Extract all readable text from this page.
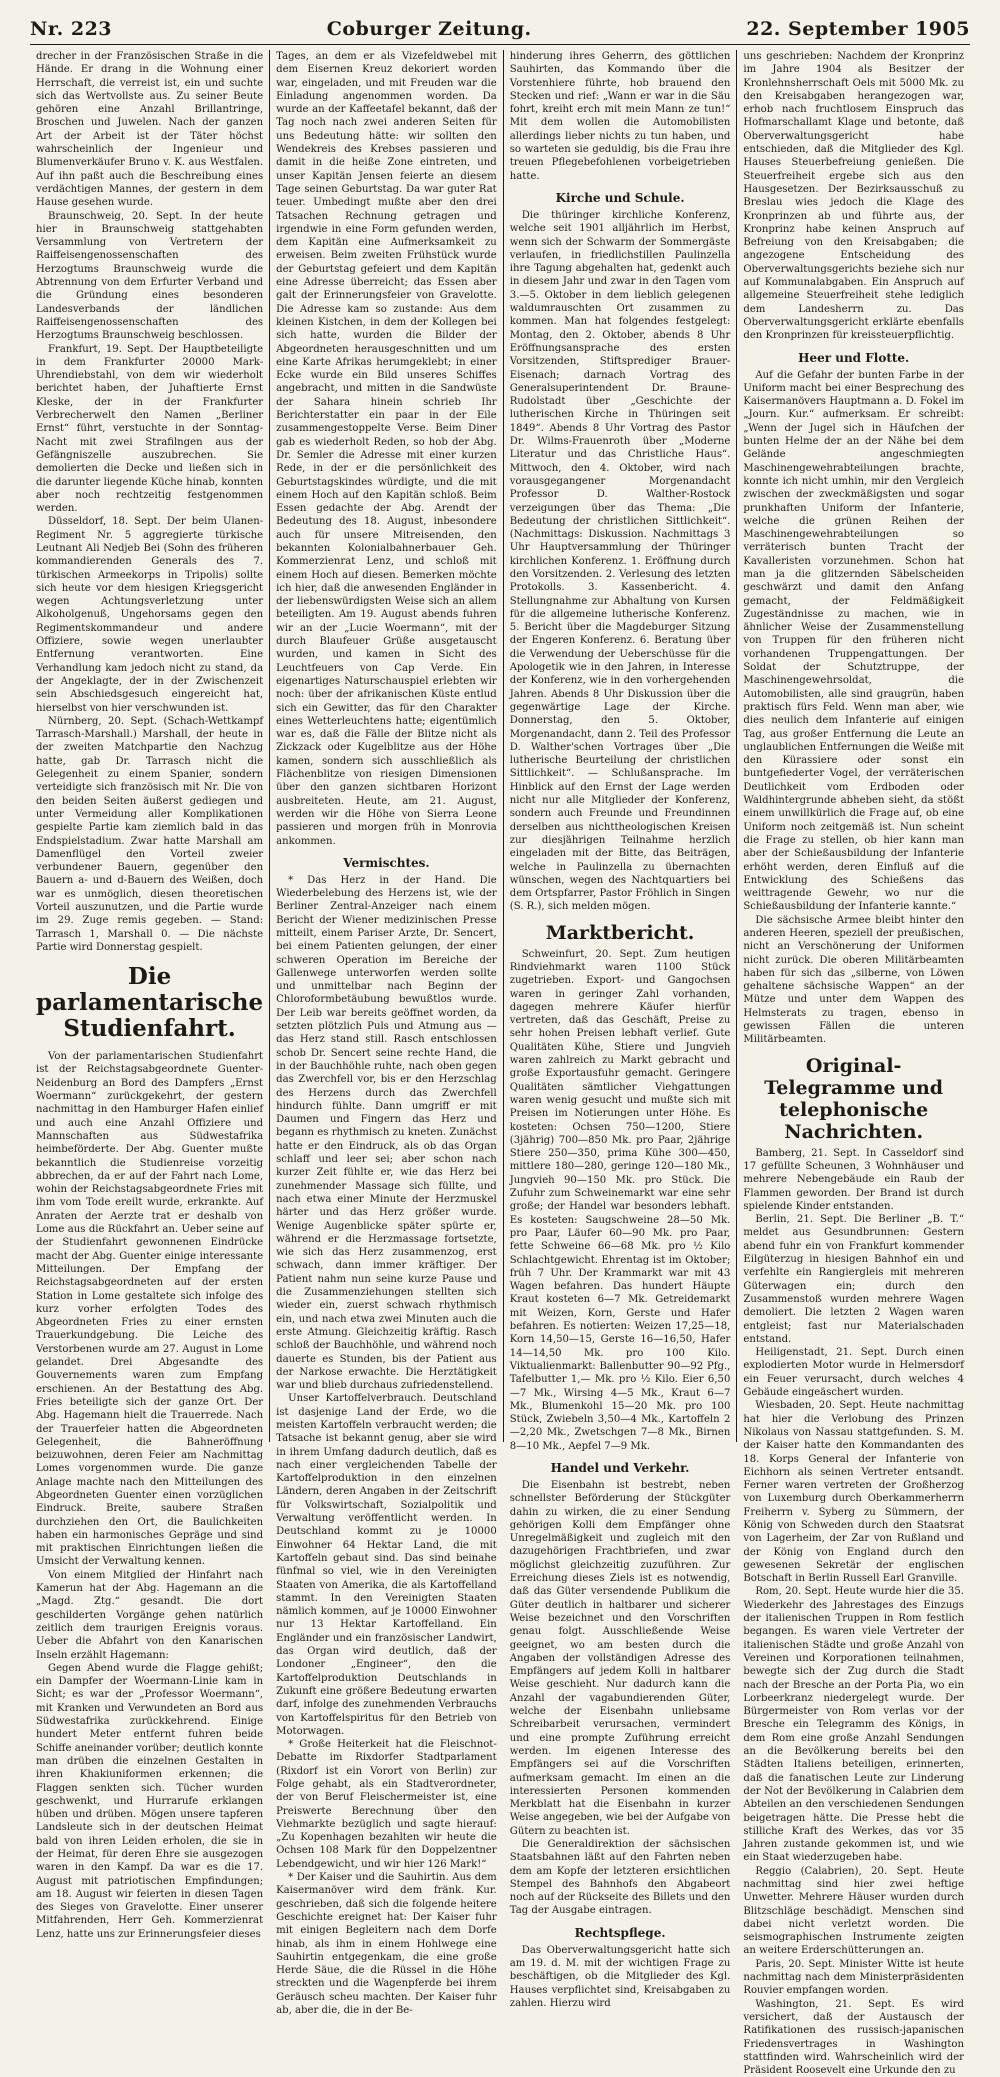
Nr. 223	Coburger Zeitung.	22. September 1905

drecher in der Französischen Straße in die Hände. Er drang in die Wohnung einer Herrschaft, die verreist ist, ein und suchte sich das Wertvollste aus. Zu seiner Beute gehören eine Anzahl Brillantringe, Broschen und Juwelen. Nach der ganzen Art der Arbeit ist der Täter höchst wahrscheinlich der Ingenieur und Blumenverkäufer Bruno v. K. aus Westfalen. Auf ihn paßt auch die Beschreibung eines verdächtigen Mannes, der gestern in dem Hause gesehen wurde.

Braunschweig, 20. Sept. In der heute hier in Braunschweig stattgehabten Versammlung von Vertretern der Raiffeisengenossenschaften des Herzogtums Braunschweig wurde die Abtrennung von dem Erfurter Verband und die Gründung eines besonderen Landesverbands der ländlichen Raiffeisengenossenschaften des Herzogtums Braunschweig beschlossen.

Frankfurt, 19. Sept. Der Hauptbeteiligte in dem Frankfurter 20000 Mark-Uhrendiebstahl, von dem wir wiederholt berichtet haben, der Juhaftierte Ernst Kleske, der in der Frankfurter Verbrecherwelt den Namen „Berliner Ernst“ führt, verstuchte in der Sonntag-Nacht mit zwei Strafilngen aus der Gefängniszelle auszubrechen. Sie demolierten die Decke und ließen sich in die darunter liegende Küche hinab, konnten aber noch rechtzeitig festgenommen werden.

Düsseldorf, 18. Sept. Der beim Ulanen-Regiment Nr. 5 aggregierte türkische Leutnant Ali Nedjeb Bei (Sohn des früheren kommandierenden Generals des 7. türkischen Armeekorps in Tripolis) sollte sich heute vor dem hiesigen Kriegsgericht wegen Achtungsverletzung unter Alkoholgenuß, Ungehorsams gegen den Regimentskommandeur und andere Offiziere, sowie wegen unerlaubter Entfernung verantworten. Eine Verhandlung kam jedoch nicht zu stand, da der Angeklagte, der in der Zwischenzeit sein Abschiedsgesuch eingereicht hat, hierselbst von hier verschwunden ist.

Nürnberg, 20. Sept. (Schach-Wettkampf Tarrasch-Marshall.) Marshall, der heute in der zweiten Matchpartie den Nachzug hatte, gab Dr. Tarrasch nicht die Gelegenheit zu einem Spanier, sondern verteidigte sich französisch mit Nr. Die von den beiden Seiten äußerst gediegen und unter Vermeidung aller Komplikationen gespielte Partie kam ziemlich bald in das Endspielstadium. Zwar hatte Marshall am Damenflügel den Vorteil zweier verbundener Bauern, gegenüber den Bauern a- und d-Bauern des Weißen, doch war es unmöglich, diesen theoretischen Vorteil auszunutzen, und die Partie wurde im 29. Zuge remis gegeben. — Stand: Tarrasch 1, Marshall 0. — Die nächste Partie wird Donnerstag gespielt.

Die parlamentarische Studienfahrt.

Von der parlamentarischen Studienfahrt ist der Reichstagsabgeordnete Guenter-Neidenburg an Bord des Dampfers „Ernst Woermann“ zurückgekehrt, der gestern nachmittag in den Hamburger Hafen einlief und auch eine Anzahl Offiziere und Mannschaften aus Südwestafrika heimbeförderte. Der Abg. Guenter mußte bekanntlich die Studienreise vorzeitig abbrechen, da er auf der Fahrt nach Lome, wohin der Reichstagsabgeordnete Fries mit ihm vom Tode ereilt wurde, erkrankte. Auf Anraten der Aerzte trat er deshalb von Lome aus die Rückfahrt an. Ueber seine auf der Studienfahrt gewonnenen Eindrücke macht der Abg. Guenter einige interessante Mitteilungen. Der Empfang der Reichstagsabgeordneten auf der ersten Station in Lome gestaltete sich infolge des kurz vorher erfolgten Todes des Abgeordneten Fries zu einer ernsten Trauerkundgebung. Die Leiche des Verstorbenen wurde am 27. August in Lome gelandet. Drei Abgesandte des Gouvernements waren zum Empfang erschienen. An der Bestattung des Abg. Fries beteiligte sich der ganze Ort. Der Abg. Hagemann hielt die Trauerrede. Nach der Trauerfeier hatten die Abgeordneten Gelegenheit, die Bahneröffnung beizuwohnen, deren Feier am Nachmittag Lomes vorgenommen wurde. Die ganze Anlage machte nach den Mitteilungen des Abgeordneten Guenter einen vorzüglichen Eindruck. Breite, saubere Straßen durchziehen den Ort, die Baulichkeiten haben ein harmonisches Gepräge und sind mit praktischen Einrichtungen ließen die Umsicht der Verwaltung kennen.

Von einem Mitglied der Hinfahrt nach Kamerun hat der Abg. Hagemann an die „Magd. Ztg.“ gesandt. Die dort geschilderten Vorgänge gehen natürlich zeitlich dem traurigen Ereignis voraus. Ueber die Abfahrt von den Kanarischen Inseln erzählt Hagemann:

Gegen Abend wurde die Flagge gehißt; ein Dampfer der Woermann-Linie kam in Sicht; es war der „Professor Woermann“, mit Kranken und Verwundeten an Bord aus Südwestafrika zurückkehrend. Einige hundert Meter entfernt fuhren beide Schiffe aneinander vorüber; deutlich konnte man drüben die einzelnen Gestalten in ihren Khakiuniformen erkennen; die Flaggen senkten sich. Tücher wurden geschwenkt, und Hurrarufe erklangen hüben und drüben. Mögen unsere tapferen Landsleute sich in der deutschen Heimat bald von ihren Leiden erholen, die sie in der Heimat, für deren Ehre sie ausgezogen waren in den Kampf. Da war es die 17. August mit patriotischen Empfindungen; am 18. August wir feierten in diesen Tagen des Sieges von Gravelotte. Einer unserer Mitfahrenden, Herr Geh. Kommerzienrat Lenz, hatte uns zur Erinnerungsfeier dieses

Tages, an dem er als Vizefeldwebel mit dem Eisernen Kreuz dekoriert worden war, eingeladen, und mit Freuden war die Einladung angenommen worden. Da wurde an der Kaffeetafel bekannt, daß der Tag noch nach zwei anderen Seiten für uns Bedeutung hätte: wir sollten den Wendekreis des Krebses passieren und damit in die heiße Zone eintreten, und unser Kapitän Jensen feierte an diesem Tage seinen Geburtstag. Da war guter Rat teuer. Umbedingt mußte aber den drei Tatsachen Rechnung getragen und irgendwie in eine Form gefunden werden, dem Kapitän eine Aufmerksamkeit zu erweisen. Beim zweiten Frühstück wurde der Geburtstag gefeiert und dem Kapitän eine Adresse überreicht; das Essen aber galt der Erinnerungsfeier von Gravelotte. Die Adresse kam so zustande: Aus dem kleinen Kistchen, in dem der Kollegen bei sich hatte, wurden die Bilder der Abgeordneten herausgeschnitten und um eine Karte Afrikas herumgeklebt; in einer Ecke wurde ein Bild unseres Schiffes angebracht, und mitten in die Sandwüste der Sahara hinein schrieb Ihr Berichterstatter ein paar in der Eile zusammengestoppelte Verse. Beim Diner gab es wiederholt Reden, so hob der Abg. Dr. Semler die Adresse mit einer kurzen Rede, in der er die persönlichkeit des Geburtstagskindes würdigte, und die mit einem Hoch auf den Kapitän schloß. Beim Essen gedachte der Abg. Arendt der Bedeutung des 18. August, inbesondere auch für unsere Mitreisenden, den bekannten Kolonialbahnerbauer Geh. Kommerzienrat Lenz, und schloß mit einem Hoch auf diesen. Bemerken möchte ich hier, daß die anwesenden Engländer in der liebenswürdigsten Weise sich an allem beteiligten. Am 19. August abends fuhren wir an der „Lucie Woermann“, mit der durch Blaufeuer Grüße ausgetauscht wurden, und kamen in Sicht des Leuchtfeuers von Cap Verde. Ein eigenartiges Naturschauspiel erlebten wir noch: über der afrikanischen Küste entlud sich ein Gewitter, das für den Charakter eines Wetterleuchtens hatte; eigentümlich war es, daß die Fälle der Blitze nicht als Zickzack oder Kugelblitze aus der Höhe kamen, sondern sich ausschließlich als Flächenblitze von riesigen Dimensionen über den ganzen sichtbaren Horizont ausbreiteten. Heute, am 21. August, werden wir die Höhe von Sierra Leone passieren und morgen früh in Monrovia ankommen.

Vermischtes.

* Das Herz in der Hand. Die Wiederbelebung des Herzens ist, wie der Berliner Zentral-Anzeiger nach einem Bericht der Wiener medizinischen Presse mitteilt, einem Pariser Arzte, Dr. Sencert, bei einem Patienten gelungen, der einer schweren Operation im Bereiche der Gallenwege unterworfen werden sollte und unmittelbar nach Beginn der Chloroformbetäubung bewußtlos wurde. Der Leib war bereits geöffnet worden, da setzten plötzlich Puls und Atmung aus — das Herz stand still. Rasch entschlossen schob Dr. Sencert seine rechte Hand, die in der Bauchhöhle ruhte, nach oben gegen das Zwerchfell vor, bis er den Herzschlag des Herzens durch das Zwerchfell hindurch fühlte. Dann umgriff er mit Daumen und Fingern das Herz und begann es rhythmisch zu kneten. Zunächst hatte er den Eindruck, als ob das Organ schlaff und leer sei; aber schon nach kurzer Zeit fühlte er, wie das Herz bei zunehmender Massage sich füllte, und nach etwa einer Minute der Herzmuskel härter und das Herz größer wurde. Wenige Augenblicke später spürte er, während er die Herzmassage fortsetzte, wie sich das Herz zusammenzog, erst schwach, dann immer kräftiger. Der Patient nahm nun seine kurze Pause und die Zusammenziehungen stellten sich wieder ein, zuerst schwach rhythmisch ein, und nach etwa zwei Minuten auch die erste Atmung. Gleichzeitig kräftig. Rasch schloß der Bauchhöhle, und während noch dauerte es Stunden, bis der Patient aus der Narkose erwachte. Die Herztätigkeit war und blieb durchaus zufriedenstellend.

Unser Kartoffelverbrauch. Deutschland ist dasjenige Land der Erde, wo die meisten Kartoffeln verbraucht werden; die Tatsache ist bekannt genug, aber sie wird in ihrem Umfang dadurch deutlich, daß es nach einer vergleichenden Tabelle der Kartoffelproduktion in den einzelnen Ländern, deren Angaben in der Zeitschrift für Volkswirtschaft, Sozialpolitik und Verwaltung veröffentlicht werden. In Deutschland kommt zu je 10000 Einwohner 64 Hektar Land, die mit Kartoffeln gebaut sind. Das sind beinahe fünfmal so viel, wie in den Vereinigten Staaten von Amerika, die als Kartoffelland stammt. In den Vereinigten Staaten nämlich kommen, auf je 10000 Einwohner nur 13 Hektar Kartoffelland. Ein Engländer und ein französischer Landwirt, das Organ wird deutlich, daß der Londoner „Engineer“, den die Kartoffelproduktion Deutschlands in Zukunft eine größere Bedeutung erwarten darf, infolge des zunehmenden Verbrauchs von Kartoffelspiritus für den Betrieb von Motorwagen.

* Große Heiterkeit hat die Fleischnot-Debatte im Rixdorfer Stadtparlament (Rixdorf ist ein Vorort von Berlin) zur Folge gehabt, als ein Stadtverordneter, der von Beruf Fleischermeister ist, eine Preiswerte Berechnung über den Viehmarkte bezüglich und sagte hierauf: „Zu Kopenhagen bezahlten wir heute die Ochsen 108 Mark für den Doppelzentner Lebendgewicht, und wir hier 126 Mark!“

* Der Kaiser und die Sauhirtin. Aus dem Kaisermanöver wird dem fränk. Kur. geschrieben, daß sich die folgende heitere Geschichte ereignet hat: Der Kaiser fuhr mit einigen Begleitern nach dem Dorfe hinab, als ihm in einem Hohlwege eine Sauhirtin entgegenkam, die eine große Herde Säue, die die Rüssel in die Höhe streckten und die Wagenpferde bei ihrem Geräusch scheu machten. Der Kaiser fuhr ab, aber die, die in der Be-

hinderung ihres Geherrn, des göttlichen Sauhirten, das Kommando über die Vorstenhiere führte, hob brauend den Stecken und rief: „Wann er war in die Säu fohrt, kreiht erch mit mein Mann ze tun!“ Mit dem wollen die Automobilisten allerdings lieber nichts zu tun haben, und so warteten sie geduldig, bis die Frau ihre treuen Pflegebefohlenen vorbeigetrieben hatte.

Kirche und Schule.

Die thüringer kirchliche Konferenz, welche seit 1901 alljährlich im Herbst, wenn sich der Schwarm der Sommergäste verlaufen, in friedlichstillen Paulinzella ihre Tagung abgehalten hat, gedenkt auch in diesem Jahr und zwar in den Tagen vom 3.—5. Oktober in dem lieblich gelegenen waldumrauschten Ort zusammen zu kommen. Man hat folgendes festgelegt: Montag, den 2. Oktober, abends 8 Uhr Eröffnungsansprache des ersten Vorsitzenden, Stiftsprediger Brauer-Eisenach; darnach Vortrag des Generalsuperintendent Dr. Braune-Rudolstadt über „Geschichte der lutherischen Kirche in Thüringen seit 1849“. Abends 8 Uhr Vortrag des Pastor Dr. Wilms-Frauenroth über „Moderne Literatur und das Christliche Haus“. Mittwoch, den 4. Oktober, wird nach vorausgegangener Morgenandacht Professor D. Walther-Rostock verzeigungen über das Thema: „Die Bedeutung der christlichen Sittlichkeit“. (Nachmittags: Diskussion. Nachmittags 3 Uhr Hauptversammlung der Thüringer kirchlichen Konferenz. 1. Eröffnung durch den Vorsitzenden. 2. Verlesung des letzten Protokolls. 3. Kassenbericht. 4. Stellungnahme zur Abhaltung von Kursen für die allgemeine lutherische Konferenz. 5. Bericht über die Magdeburger Sitzung der Engeren Konferenz. 6. Beratung über die Verwendung der Ueberschüsse für die Apologetik wie in den Jahren, in Interesse der Konferenz, wie in den vorhergehenden Jahren. Abends 8 Uhr Diskussion über die gegenwärtige Lage der Kirche. Donnerstag, den 5. Oktober, Morgenandacht, dann 2. Teil des Professor D. Walther'schen Vortrages über „Die lutherische Beurteilung der christlichen Sittlichkeit“. — Schlußansprache. Im Hinblick auf den Ernst der Lage werden nicht nur alle Mitglieder der Konferenz, sondern auch Freunde und Freundinnen derselben aus nichttheologischen Kreisen zur diesjährigen Teilnahme herzlich eingeladen mit der Bitte, das Beiträgen, welche in Paulinzella zu übernachten wünschen, wegen des Nachtquartiers bei dem Ortspfarrer, Pastor Fröhlich in Singen (S. R.), sich melden mögen.

Marktbericht.

Schweinfurt, 20. Sept. Zum heutigen Rindviehmarkt waren 1100 Stück zugetrieben. Export- und Gangochsen waren in geringer Zahl vorhanden, dagegen mehrere Käufer hierfür vertreten, daß das Geschäft, Preise zu sehr hohen Preisen lebhaft verlief. Gute Qualitäten Kühe, Stiere und Jungvieh waren zahlreich zu Markt gebracht und große Exportausfuhr gemacht. Geringere Qualitäten sämtlicher Viehgattungen waren wenig gesucht und mußte sich mit Preisen im Notierungen unter Höhe. Es kosteten: Ochsen 750—1200, Stiere (3jährig) 700—850 Mk. pro Paar, 2jährige Stiere 250—350, prima Kühe 300—450, mittlere 180—280, geringe 120—180 Mk., Jungvieh 90—150 Mk. pro Stück. Die Zufuhr zum Schweinemarkt war eine sehr große; der Handel war besonders lebhaft. Es kosteten: Saugschweine 28—50 Mk. pro Paar, Läufer 60—90 Mk. pro Paar, fette Schweine 66—68 Mk. pro ½ Kilo Schlachtgewicht. Ehrentag ist im Oktober; früh 7 Uhr. Der Krammarkt war mit 43 Wagen befahren. Das hundert Häupte Kraut kosteten 6—7 Mk. Getreidemarkt mit Weizen, Korn, Gerste und Hafer befahren. Es notierten: Weizen 17,25—18, Korn 14,50—15, Gerste 16—16,50, Hafer 14—14,50 Mk. pro 100 Kilo. Viktualienmarkt: Ballenbutter 90—92 Pfg., Tafelbutter 1,— Mk. pro ½ Kilo. Eier 6,50—7 Mk., Wirsing 4—5 Mk., Kraut 6—7 Mk., Blumenkohl 15—20 Mk. pro 100 Stück, Zwiebeln 3,50—4 Mk., Kartoffeln 2—2,20 Mk., Zwetschgen 7—8 Mk., Birnen 8—10 Mk., Aepfel 7—9 Mk.

Handel und Verkehr.

Die Eisenbahn ist bestrebt, neben schnellster Beförderung der Stückgüter dahin zu wirken, die zu einer Sendung gehörigen Kolli dem Empfänger ohne Unregelmäßigkeit und zugleich mit den dazugehörigen Frachtbriefen, und zwar möglichst gleichzeitig zuzuführen. Zur Erreichung dieses Ziels ist es notwendig, daß das Güter versendende Publikum die Güter deutlich in haltbarer und sicherer Weise bezeichnet und den Vorschriften genau folgt. Ausschließende Weise geeignet, wo am besten durch die Angaben der vollständigen Adresse des Empfängers auf jedem Kolli in haltbarer Weise geschieht. Nur dadurch kann die Anzahl der vagabundierenden Güter, welche der Eisenbahn unliebsame Schreibarbeit verursachen, vermindert und eine prompte Zuführung erreicht werden. Im eigenen Interesse des Empfängers sei auf die Vorschriften aufmerksam gemacht. Im einen an die interessierten Personen kommenden Merkblatt hat die Eisenbahn in kurzer Weise angegeben, wie bei der Aufgabe von Gütern zu beachten ist.

Die Generaldirektion der sächsischen Staatsbahnen läßt auf den Fahrten neben dem am Kopfe der letzteren ersichtlichen Stempel des Bahnhofs den Abgabeort noch auf der Rückseite des Billets und den Tag der Ausgabe eintragen.

Rechtspflege.

Das Oberverwaltungsgericht hatte sich am 19. d. M. mit der wichtigen Frage zu beschäftigen, ob die Mitglieder des Kgl. Hauses verpflichtet sind, Kreisabgaben zu zahlen. Hierzu wird

uns geschrieben: Nachdem der Kronprinz im Jahre 1904 als Besitzer der Kronlehnsherrschaft Oels mit 5000 Mk. zu den Kreisabgaben herangezogen war, erhob nach fruchtlosem Einspruch das Hofmarschallamt Klage und betonte, daß Oberverwaltungsgericht habe entschieden, daß die Mitglieder des Kgl. Hauses Steuerbefreiung genießen. Die Steuerfreiheit ergebe sich aus den Hausgesetzen. Der Bezirksausschuß zu Breslau wies jedoch die Klage des Kronprinzen ab und führte aus, der Kronprinz habe keinen Anspruch auf Befreiung von den Kreisabgaben; die angezogene Entscheidung des Oberverwaltungsgerichts beziehe sich nur auf Kommunalabgaben. Ein Anspruch auf allgemeine Steuerfreiheit stehe lediglich dem Landesherrn zu. Das Oberverwaltungsgericht erklärte ebenfalls den Kronprinzen für kreissteuerpflichtig.

Heer und Flotte.

Auf die Gefahr der bunten Farbe in der Uniform macht bei einer Besprechung des Kaisermanövers Hauptmann a. D. Fokel im „Journ. Kur.“ aufmerksam. Er schreibt: „Wenn der Jugel sich in Häufchen der bunten Helme der an der Nähe bei dem Gelände angeschmiegten Maschinengewehrabteilungen brachte, konnte ich nicht umhin, mir den Vergleich zwischen der zweckmäßigsten und sogar prunkhaften Uniform der Infanterie, welche die grünen Reihen der Maschinengewehrabteilungen so verräterisch bunten Tracht der Kavalleristen vorzunehmen. Schon hat man ja die glitzernden Säbelscheiden geschwärzt und damit den Anfang gemacht, der Feldmäßigkeit Zugeständnisse zu machen, wie in ähnlicher Weise der Zusammenstellung von Truppen für den früheren nicht vorhandenen Truppengattungen. Der Soldat der Schutztruppe, der Maschinengewehrsoldat, die Automobilisten, alle sind graugrün, haben praktisch fürs Feld. Wenn man aber, wie dies neulich dem Infanterie auf einigen Tag, aus großer Entfernung die Leute an unglaublichen Entfernungen die Weiße mit den Kürassiere oder sonst ein buntgefiederter Vogel, der verräterischen Deutlichkeit vom Erdboden oder Waldhintergrunde abheben sieht, da stößt einem unwillkürlich die Frage auf, ob eine Uniform noch zeitgemäß ist. Nun scheint die Frage zu stellen, ob hier kann man aber der Schießausbildung der Infanterie erhöht werden, deren Einfluß auf die Entwicklung des Schießens das weittragende Gewehr, wo nur die Schießausbildung der Infanterie kannte.“

Die sächsische Armee bleibt hinter den anderen Heeren, speziell der preußischen, nicht an Verschönerung der Uniformen nicht zurück. Die oberen Militärbeamten haben für sich das „silberne, von Löwen gehaltene sächsische Wappen“ an der Mütze und unter dem Wappen des Helmsterats zu tragen, ebenso in gewissen Fällen die unteren Militärbeamten.

Original-Telegramme und telephonische Nachrichten.

Bamberg, 21. Sept. In Casseldorf sind 17 gefüllte Scheunen, 3 Wohnhäuser und mehrere Nebengebäude ein Raub der Flammen geworden. Der Brand ist durch spielende Kinder entstanden.

Berlin, 21. Sept. Die Berliner „B. T.“ meldet aus Gesundbrunnen: Gestern abend fuhr ein von Frankfurt kommender Eilgüterzug in hiesigen Bahnhof ein und verfehlte ein Rangiergleis mit mehreren Güterwagen ein; durch den Zusammenstoß wurden mehrere Wagen demoliert. Die letzten 2 Wagen waren entgleist; fast nur Materialschaden entstand.

Heiligenstadt, 21. Sept. Durch einen explodierten Motor wurde in Helmersdorf ein Feuer verursacht, durch welches 4 Gebäude eingeäschert wurden.

Wiesbaden, 20. Sept. Heute nachmittag hat hier die Verlobung des Prinzen Nikolaus von Nassau stattgefunden. S. M. der Kaiser hatte den Kommandanten des 18. Korps General der Infanterie von Eichhorn als seinen Vertreter entsandt. Ferner waren vertreten der Großherzog von Luxemburg durch Oberkammerherrn Freiherrn v. Syberg zu Sümmern, der König von Schweden durch den Staatsrat von Lagerheim, der Zar von Rußland und der König von England durch den gewesenen Sekretär der englischen Botschaft in Berlin Russell Earl Granville.

Rom, 20. Sept. Heute wurde hier die 35. Wiederkehr des Jahrestages des Einzugs der italienischen Truppen in Rom festlich begangen. Es waren viele Vertreter der italienischen Städte und große Anzahl von Vereinen und Korporationen teilnahmen, bewegte sich der Zug durch die Stadt nach der Bresche an der Porta Pia, wo ein Lorbeerkranz niedergelegt wurde. Der Bürgermeister von Rom verlas vor der Bresche ein Telegramm des Königs, in dem Rom eine große Anzahl Sendungen an die Bevölkerung bereits bei den Städten Italiens beteiligen, erinnerten, daß die fanatischen Leute zur Linderung der Not der Bevölkerung in Calabrien dem Abteilen an den verschiedenen Sendungen beigetragen hätte. Die Presse hebt die stilliche Kraft des Werkes, das vor 35 Jahren zustande gekommen ist, und wie ein Staat wiederzugeben habe.

Reggio (Calabrien), 20. Sept. Heute nachmittag sind hier zwei heftige Unwetter. Mehrere Häuser wurden durch Blitzschläge beschädigt. Menschen sind dabei nicht verletzt worden. Die seismographischen Instrumente zeigten an weitere Erderschütterungen an.

Paris, 20. Sept. Minister Witte ist heute nachmittag nach dem Ministerpräsidenten Rouvier empfangen worden.

Washington, 21. Sept. Es wird versichert, daß der Austausch der Ratifikationen des russisch-japanischen Friedensvertrages in Washington stattfinden wird. Wahrscheinlich wird der Präsident Roosevelt eine Urkunde den zu
